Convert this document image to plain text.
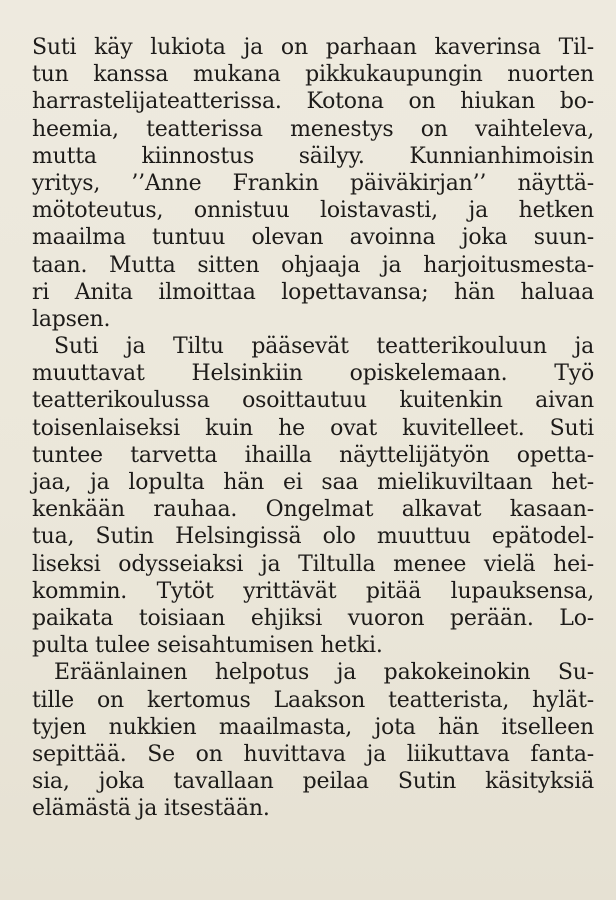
Suti käy lukiota ja on parhaan kaverinsa Til-
tun kanssa mukana pikkukaupungin nuorten
harrastelijateatterissa. Kotona on hiukan bo-
heemia, teatterissa menestys on vaihteleva,
mutta kiinnostus säilyy. Kunnianhimoisin
yritys, ’’Anne Frankin päiväkirjan’’ näyttä-
mötoteutus, onnistuu loistavasti, ja hetken
maailma tuntuu olevan avoinna joka suun-
taan. Mutta sitten ohjaaja ja harjoitusmesta-
ri Anita ilmoittaa lopettavansa; hän haluaa
lapsen.
Suti ja Tiltu pääsevät teatterikouluun ja
muuttavat Helsinkiin opiskelemaan. Työ
teatterikoulussa osoittautuu kuitenkin aivan
toisenlaiseksi kuin he ovat kuvitelleet. Suti
tuntee tarvetta ihailla näyttelijätyön opetta-
jaa, ja lopulta hän ei saa mielikuviltaan het-
kenkään rauhaa. Ongelmat alkavat kasaan-
tua, Sutin Helsingissä olo muuttuu epätodel-
liseksi odysseiaksi ja Tiltulla menee vielä hei-
kommin. Tytöt yrittävät pitää lupauksensa,
paikata toisiaan ehjiksi vuoron perään. Lo-
pulta tulee seisahtumisen hetki.
Eräänlainen helpotus ja pakokeinokin Su-
tille on kertomus Laakson teatterista, hylät-
tyjen nukkien maailmasta, jota hän itselleen
sepittää. Se on huvittava ja liikuttava fanta-
sia, joka tavallaan peilaa Sutin käsityksiä
elämästä ja itsestään.
